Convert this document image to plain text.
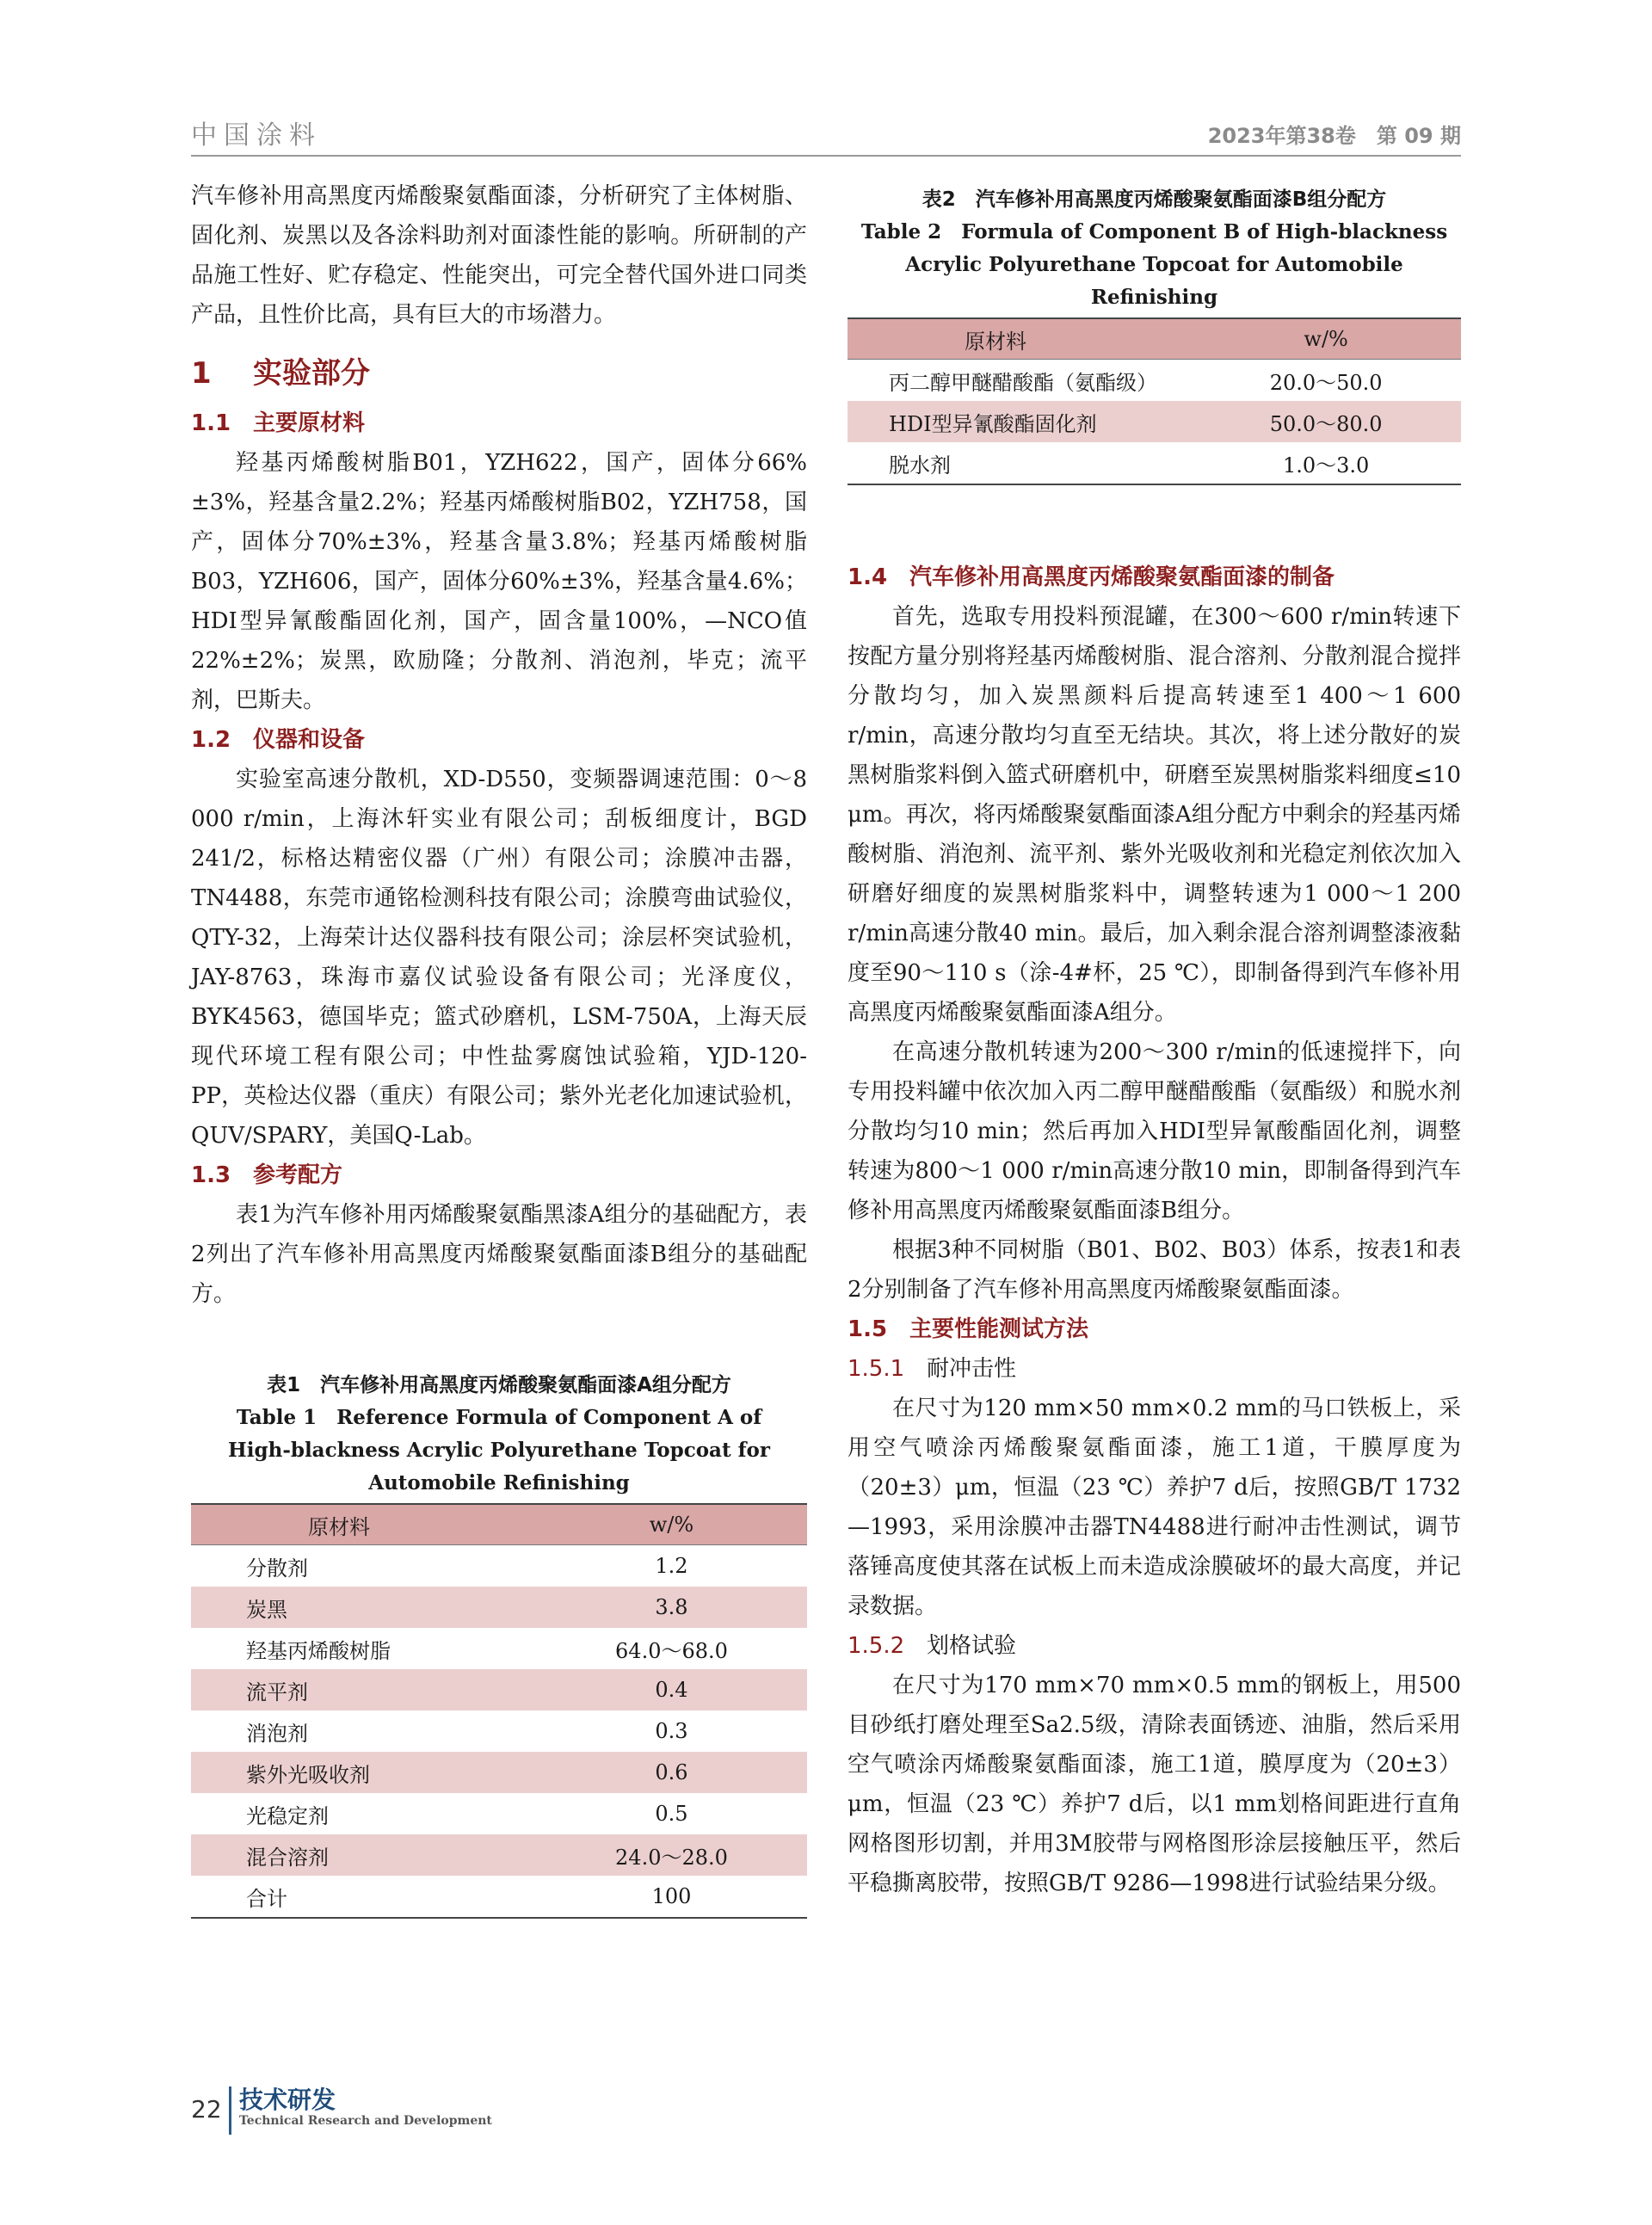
中国涂料	2023年第38卷　第 09 期

汽车修补用高黑度丙烯酸聚氨酯面漆，分析研究了主体树脂、固化剂、炭黑以及各涂料助剂对面漆性能的影响。所研制的产品施工性好、贮存稳定、性能突出，可完全替代国外进口同类产品，且性价比高，具有巨大的市场潜力。

1 实验部分
1.1 主要原材料

羟基丙烯酸树脂B01，YZH622，国产，固体分66%±3%，羟基含量2.2%；羟基丙烯酸树脂B02，YZH758，国产，固体分70%±3%，羟基含量3.8%；羟基丙烯酸树脂B03，YZH606，国产，固体分60%±3%，羟基含量4.6%；HDI型异氰酸酯固化剂，国产，固含量100%，—NCO值22%±2%；炭黑，欧励隆；分散剂、消泡剂，毕克；流平剂，巴斯夫。

1.2 仪器和设备

实验室高速分散机，XD-D550，变频器调速范围：0～8 000 r/min，上海沐轩实业有限公司；刮板细度计，BGD 241/2，标格达精密仪器（广州）有限公司；涂膜冲击器，TN4488，东莞市通铭检测科技有限公司；涂膜弯曲试验仪，QTY-32，上海荣计达仪器科技有限公司；涂层杯突试验机，JAY-8763，珠海市嘉仪试验设备有限公司；光泽度仪，BYK4563，德国毕克；篮式砂磨机，LSM-750A，上海天辰现代环境工程有限公司；中性盐雾腐蚀试验箱，YJD-120-PP，英检达仪器（重庆）有限公司；紫外光老化加速试验机，QUV/SPARY，美国Q-Lab。

1.3 参考配方

表1为汽车修补用丙烯酸聚氨酯黑漆A组分的基础配方，表2列出了汽车修补用高黑度丙烯酸聚氨酯面漆B组分的基础配方。

表1　汽车修补用高黑度丙烯酸聚氨酯面漆A组分配方
Table 1　Reference Formula of Component A of
High-blackness Acrylic Polyurethane Topcoat for
Automobile Refinishing
原材料	w/%
分散剂	1.2
炭黑	3.8
羟基丙烯酸树脂	64.0～68.0
流平剂	0.4
消泡剂	0.3
紫外光吸收剂	0.6
光稳定剂	0.5
混合溶剂	24.0～28.0
合计	100
表2　汽车修补用高黑度丙烯酸聚氨酯面漆B组分配方
Table 2　Formula of Component B of High-blackness
Acrylic Polyurethane Topcoat for Automobile Refinishing
原材料	w/%
丙二醇甲醚醋酸酯（氨酯级）	20.0～50.0
HDI型异氰酸酯固化剂	50.0～80.0
脱水剂	1.0～3.0
1.4 汽车修补用高黑度丙烯酸聚氨酯面漆的制备

首先，选取专用投料预混罐，在300～600 r/min转速下按配方量分别将羟基丙烯酸树脂、混合溶剂、分散剂混合搅拌分散均匀，加入炭黑颜料后提高转速至1 400～1 600 r/min，高速分散均匀直至无结块。其次，将上述分散好的炭黑树脂浆料倒入篮式研磨机中，研磨至炭黑树脂浆料细度≤10 μm。再次，将丙烯酸聚氨酯面漆A组分配方中剩余的羟基丙烯酸树脂、消泡剂、流平剂、紫外光吸收剂和光稳定剂依次加入研磨好细度的炭黑树脂浆料中，调整转速为1 000～1 200 r/min高速分散40 min。最后，加入剩余混合溶剂调整漆液黏度至90～110 s（涂-4#杯，25 ℃），即制备得到汽车修补用高黑度丙烯酸聚氨酯面漆A组分。

在高速分散机转速为200～300 r/min的低速搅拌下，向专用投料罐中依次加入丙二醇甲醚醋酸酯（氨酯级）和脱水剂分散均匀10 min；然后再加入HDI型异氰酸酯固化剂，调整转速为800～1 000 r/min高速分散10 min，即制备得到汽车修补用高黑度丙烯酸聚氨酯面漆B组分。

根据3种不同树脂（B01、B02、B03）体系，按表1和表2分别制备了汽车修补用高黑度丙烯酸聚氨酯面漆。

1.5 主要性能测试方法
1.5.1 耐冲击性

在尺寸为120 mm×50 mm×0.2 mm的马口铁板上，采用空气喷涂丙烯酸聚氨酯面漆，施工1道，干膜厚度为（20±3）μm，恒温（23 ℃）养护7 d后，按照GB/T 1732—1993，采用涂膜冲击器TN4488进行耐冲击性测试，调节落锤高度使其落在试板上而未造成涂膜破坏的最大高度，并记录数据。

1.5.2 划格试验

在尺寸为170 mm×70 mm×0.5 mm的钢板上，用500目砂纸打磨处理至Sa2.5级，清除表面锈迹、油脂，然后采用空气喷涂丙烯酸聚氨酯面漆，施工1道，膜厚度为（20±3）μm，恒温（23 ℃）养护7 d后，以1 mm划格间距进行直角网格图形切割，并用3M胶带与网格图形涂层接触压平，然后平稳撕离胶带，按照GB/T 9286—1998进行试验结果分级。

22 技术研发
Technical Research and Development
